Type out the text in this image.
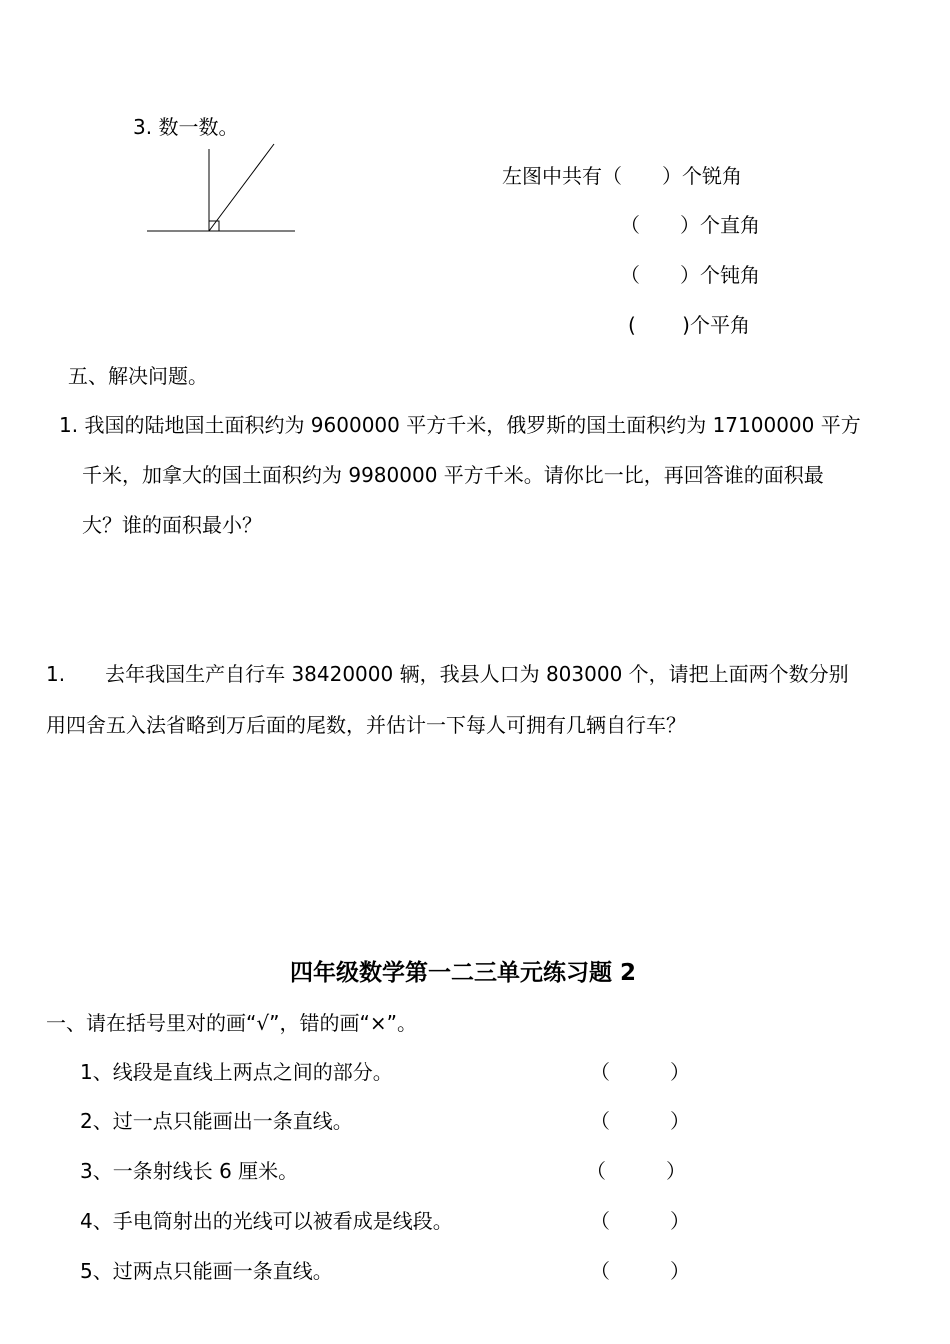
3. 数一数。
左图中共有（　　）个锐角
（　　）个直角
（　　）个钝角
(　　 )个平角
五、解决问题。
1. 我国的陆地国土面积约为 9600000 平方千米，俄罗斯的国土面积约为 17100000 平方
千米，加拿大的国土面积约为 9980000 平方千米。请你比一比，再回答谁的面积最
大？谁的面积最小？
1.　　去年我国生产自行车 38420000 辆，我县人口为 803000 个，请把上面两个数分别
用四舍五入法省略到万后面的尾数，并估计一下每人可拥有几辆自行车？
四年级数学第一二三单元练习题 2
一、请在括号里对的画“√”，错的画“×”。
1、线段是直线上两点之间的部分。	（　　　）
2、过一点只能画出一条直线。	（　　　）
3、一条射线长 6 厘米。	（　　　）
4、手电筒射出的光线可以被看成是线段。	（　　　）
5、过两点只能画一条直线。	（　　　）
